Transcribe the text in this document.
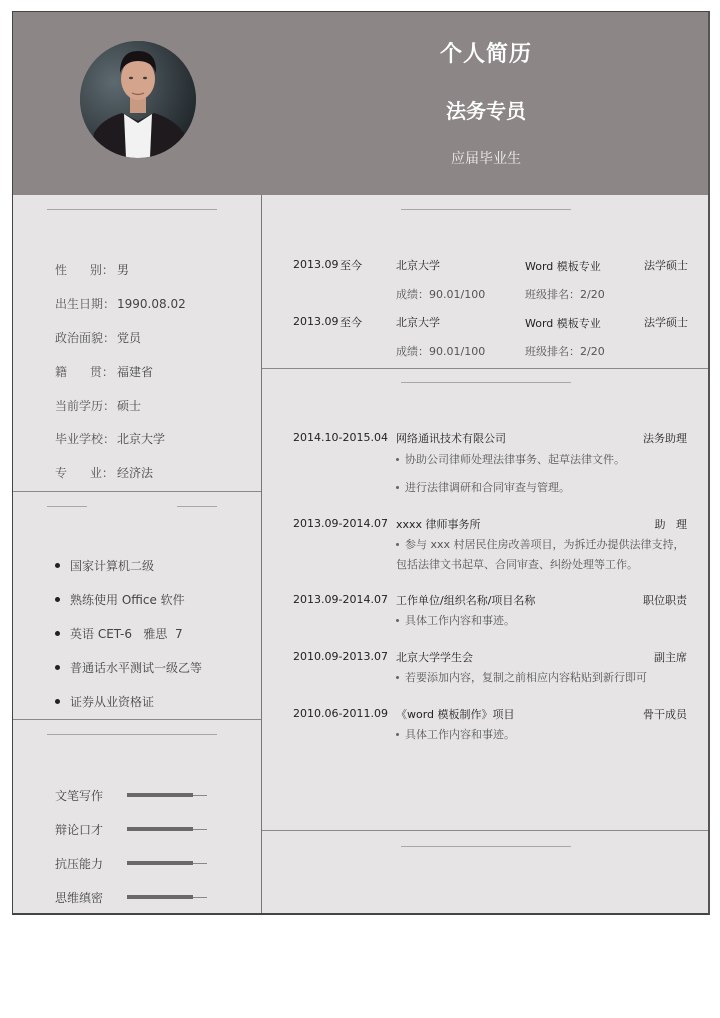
个人简历
法务专员
应届毕业生
性      别： 男
出生日期： 1990.08.02
政治面貌： 党员
籍      贯： 福建省
当前学历： 硕士
毕业学校： 北京大学
专      业： 经济法
国家计算机二级
熟练使用 Office 软件
英语 CET-6   雅思  7
普通话水平测试一级乙等
证券从业资格证
文笔写作
辩论口才
抗压能力
思维缜密
2013.09 至今	北京大学	Word 模板专业	法学硕士
成绩：90.01/100	班级排名：2/20
2013.09 至今	北京大学	Word 模板专业	法学硕士
成绩：90.01/100	班级排名：2/20
2014.10-2015.04 网络通讯技术有限公司	法务助理
协助公司律师处理法律事务、起草法律文件。
进行法律调研和合同审查与管理。
2013.09-2014.07 xxxx 律师事务所	助   理
参与 xxx 村居民住房改善项目，为拆迁办提供法律支持，包括法律文书起草、合同审查、纠纷处理等工作。
2013.09-2014.07 工作单位/组织名称/项目名称	职位职责
具体工作内容和事迹。
2010.09-2013.07 北京大学学生会	副主席
若要添加内容，复制之前相应内容粘贴到新行即可
2010.06-2011.09 《word 模板制作》项目	骨干成员
具体工作内容和事迹。
